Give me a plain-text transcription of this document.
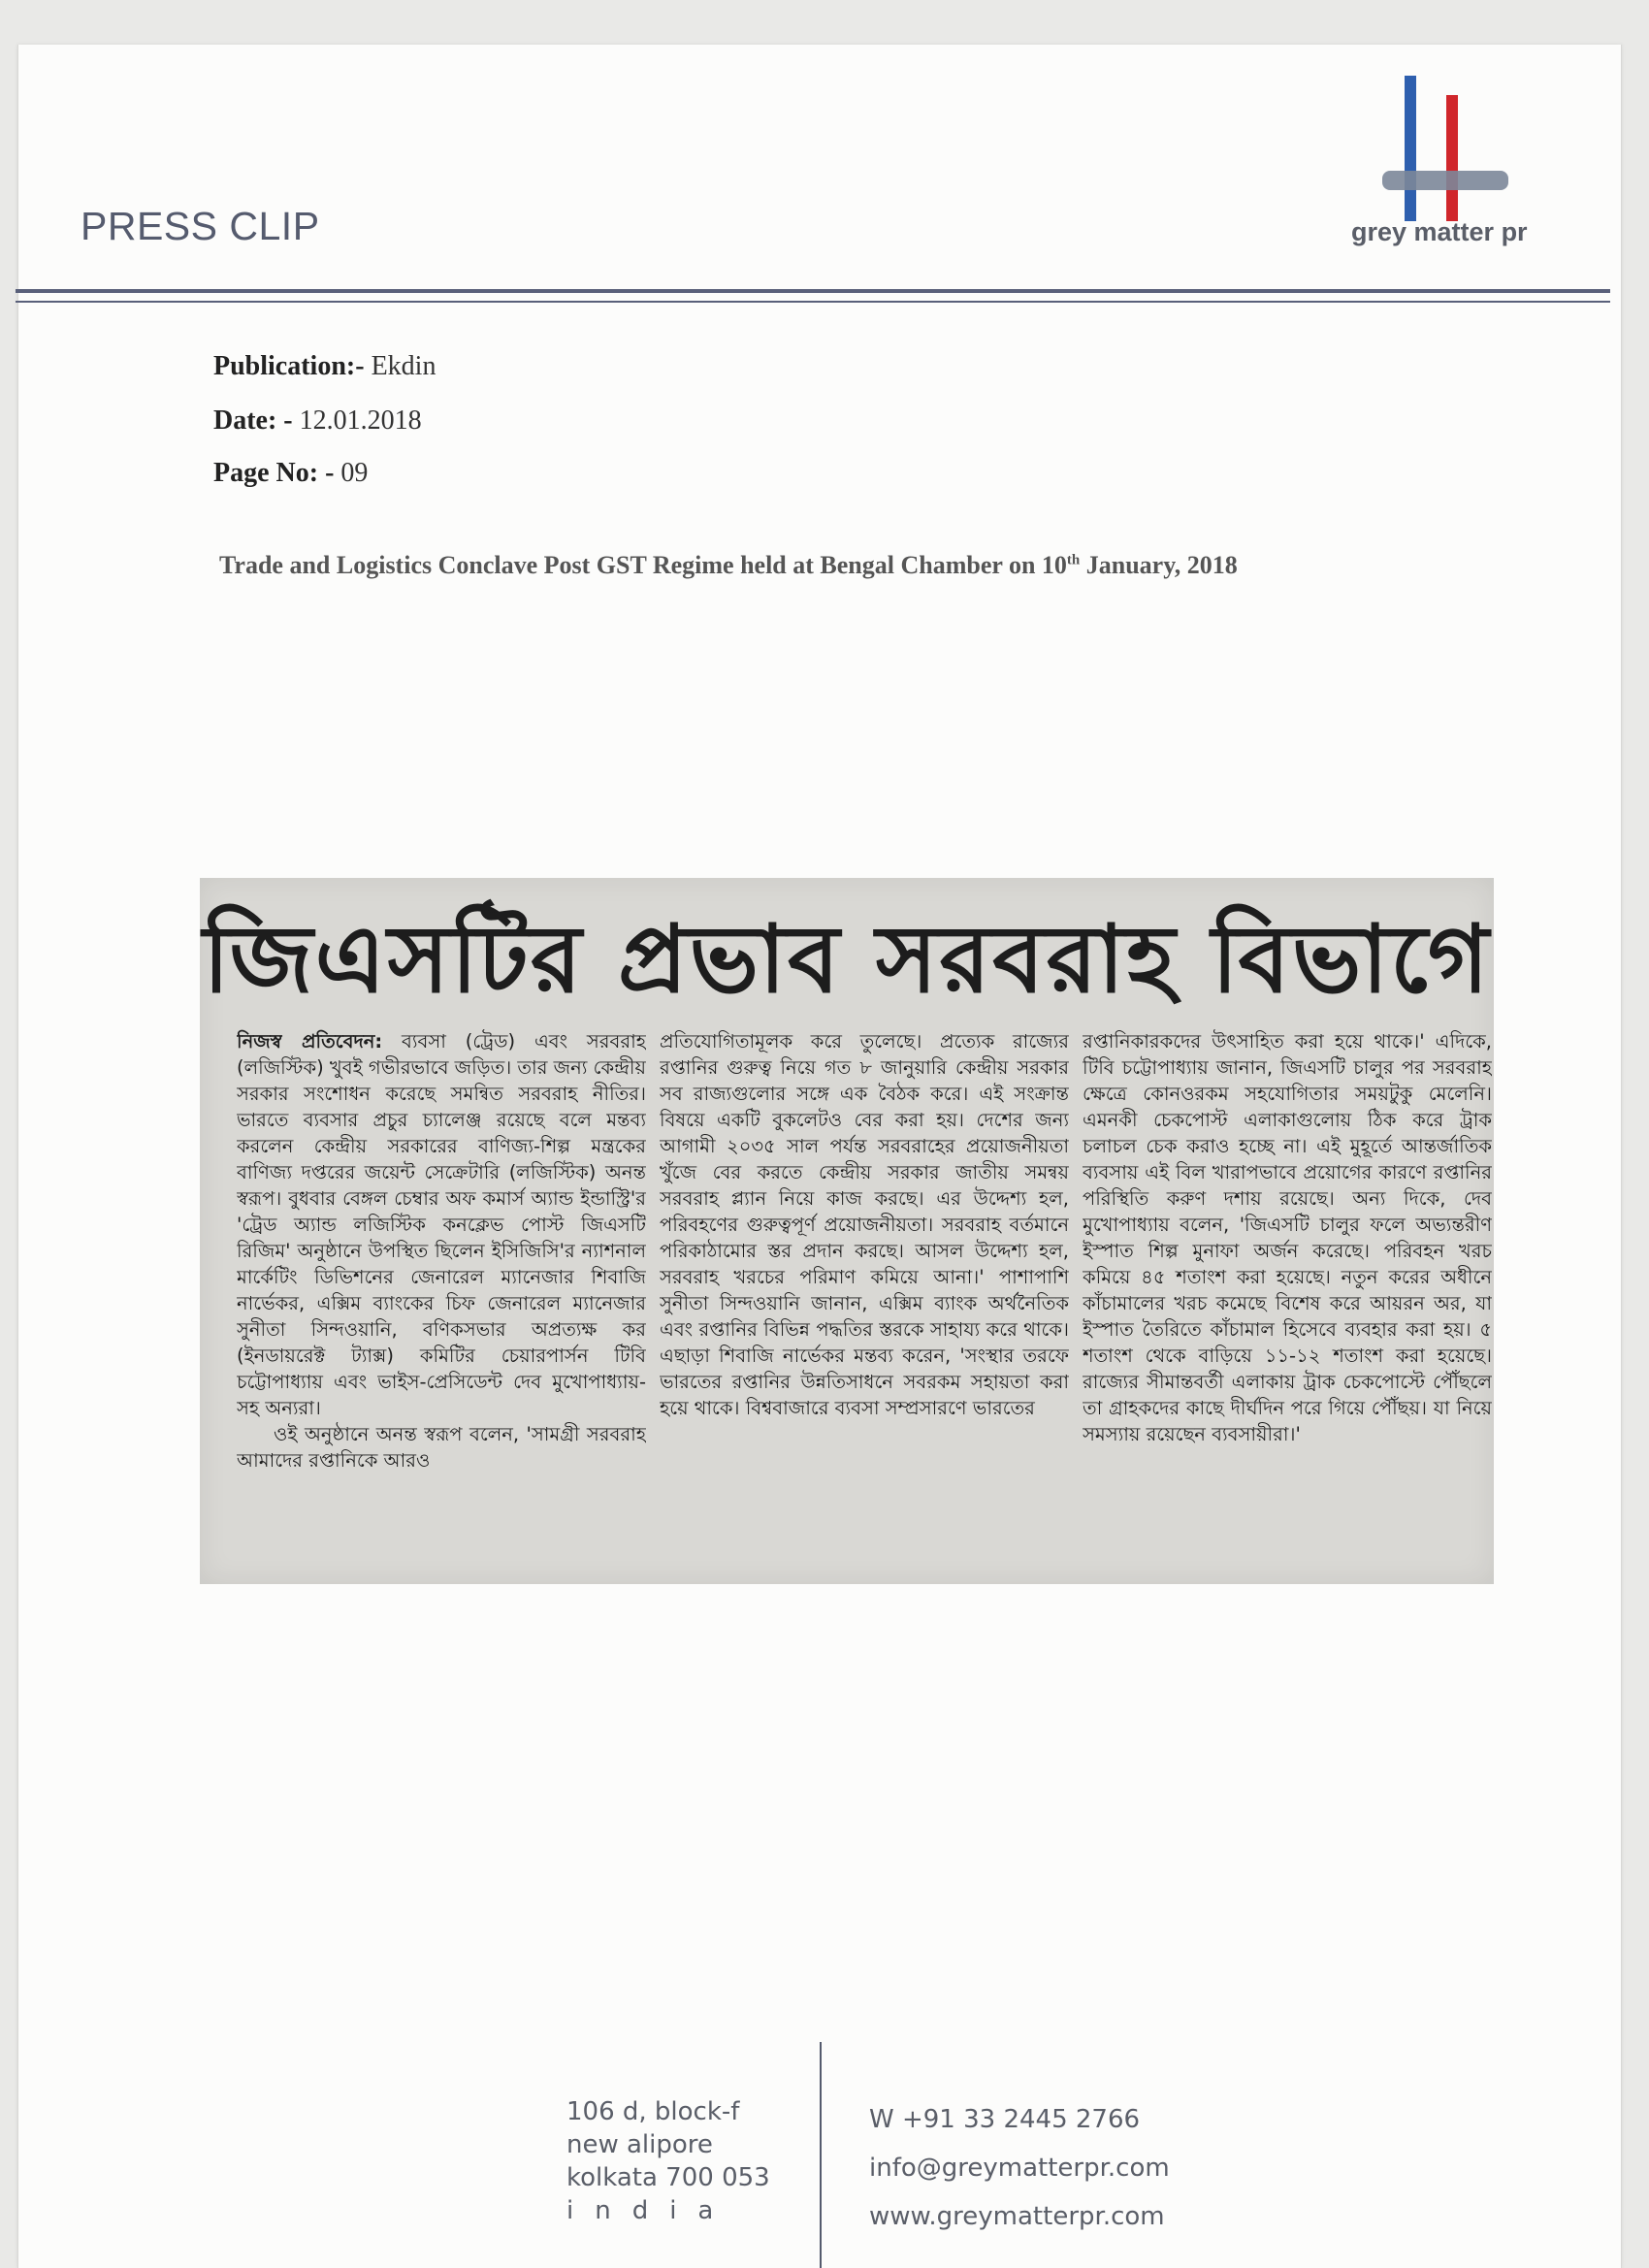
PRESS CLIP	grey matter pr
Publication:- Ekdin
Date: - 12.01.2018
Page No: - 09
Trade and Logistics Conclave Post GST Regime held at Bengal Chamber on 10th January, 2018
জিএসটির প্রভাব সরবরাহ বিভাগে

নিজস্ব প্রতিবেদন: ব্যবসা (ট্রেড) এবং সরবরাহ (লজিস্টিক) খুবই গভীরভাবে জড়িত। তার জন্য কেন্দ্রীয় সরকার সংশোধন করেছে সমন্বিত সরবরাহ নীতির। ভারতে ব্যবসার প্রচুর চ্যালেঞ্জ রয়েছে বলে মন্তব্য করলেন কেন্দ্রীয় সরকারের বাণিজ্য-শিল্প মন্ত্রকের বাণিজ্য দপ্তরের জয়েন্ট সেক্রেটারি (লজিস্টিক) অনন্ত স্বরূপ। বুধবার বেঙ্গল চেম্বার অফ কমার্স অ্যান্ড ইন্ডাস্ট্রি'র 'ট্রেড অ্যান্ড লজিস্টিক কনক্লেভ পোস্ট জিএসটি রিজিম' অনুষ্ঠানে উপস্থিত ছিলেন ইসিজিসি'র ন্যাশনাল মার্কেটিং ডিভিশনের জেনারেল ম্যানেজার শিবাজি নার্ভেকর, এক্সিম ব্যাংকের চিফ জেনারেল ম্যানেজার সুনীতা সিন্দওয়ানি, বণিকসভার অপ্রত্যক্ষ কর (ইনডায়রেক্ট ট্যাক্স) কমিটির চেয়ারপার্সন টিবি চট্টোপাধ্যায় এবং ভাইস-প্রেসিডেন্ট দেব মুখোপাধ্যায়-সহ অন্যরা।

ওই অনুষ্ঠানে অনন্ত স্বরূপ বলেন, 'সামগ্রী সরবরাহ আমাদের রপ্তানিকে আরও

প্রতিযোগিতামূলক করে তুলেছে। প্রত্যেক রাজ্যের রপ্তানির গুরুত্ব নিয়ে গত ৮ জানুয়ারি কেন্দ্রীয় সরকার সব রাজ্যগুলোর সঙ্গে এক বৈঠক করে। এই সংক্রান্ত বিষয়ে একটি বুকলেটও বের করা হয়। দেশের জন্য আগামী ২০৩৫ সাল পর্যন্ত সরবরাহের প্রয়োজনীয়তা খুঁজে বের করতে কেন্দ্রীয় সরকার জাতীয় সমন্বয় সরবরাহ প্ল্যান নিয়ে কাজ করছে। এর উদ্দেশ্য হল, পরিবহণের গুরুত্বপূর্ণ প্রয়োজনীয়তা। সরবরাহ বর্তমানে পরিকাঠামোর স্তর প্রদান করছে। আসল উদ্দেশ্য হল, সরবরাহ খরচের পরিমাণ কমিয়ে আনা।' পাশাপাশি সুনীতা সিন্দওয়ানি জানান, এক্সিম ব্যাংক অর্থনৈতিক এবং রপ্তানির বিভিন্ন পদ্ধতির স্তরকে সাহায্য করে থাকে। এছাড়া শিবাজি নার্ভেকর মন্তব্য করেন, 'সংস্থার তরফে ভারতের রপ্তানির উন্নতিসাধনে সবরকম সহায়তা করা হয়ে থাকে। বিশ্ববাজারে ব্যবসা সম্প্রসারণে ভারতের

রপ্তানিকারকদের উৎসাহিত করা হয়ে থাকে।' এদিকে, টিবি চট্টোপাধ্যায় জানান, জিএসটি চালুর পর সরবরাহ ক্ষেত্রে কোনওরকম সহযোগিতার সময়টুকু মেলেনি। এমনকী চেকপোস্ট এলাকাগুলোয় ঠিক করে ট্রাক চলাচল চেক করাও হচ্ছে না। এই মুহূর্তে আন্তর্জাতিক ব্যবসায় এই বিল খারাপভাবে প্রয়োগের কারণে রপ্তানির পরিস্থিতি করুণ দশায় রয়েছে। অন্য দিকে, দেব মুখোপাধ্যায় বলেন, 'জিএসটি চালুর ফলে অভ্যন্তরীণ ইস্পাত শিল্প মুনাফা অর্জন করেছে। পরিবহন খরচ কমিয়ে ৪৫ শতাংশ করা হয়েছে। নতুন করের অধীনে কাঁচামালের খরচ কমেছে বিশেষ করে আয়রন অর, যা ইস্পাত তৈরিতে কাঁচামাল হিসেবে ব্যবহার করা হয়। ৫ শতাংশ থেকে বাড়িয়ে ১১-১২ শতাংশ করা হয়েছে। রাজ্যের সীমান্তবর্তী এলাকায় ট্রাক চেকপোস্টে পৌঁছলে তা গ্রাহকদের কাছে দীর্ঘদিন পরে গিয়ে পৌঁছয়। যা নিয়ে সমস্যায় রয়েছেন ব্যবসায়ীরা।'

106 d, block-f
new alipore
kolkata 700 053
india
W +91 33 2445 2766
info@greymatterpr.com
www.greymatterpr.com
